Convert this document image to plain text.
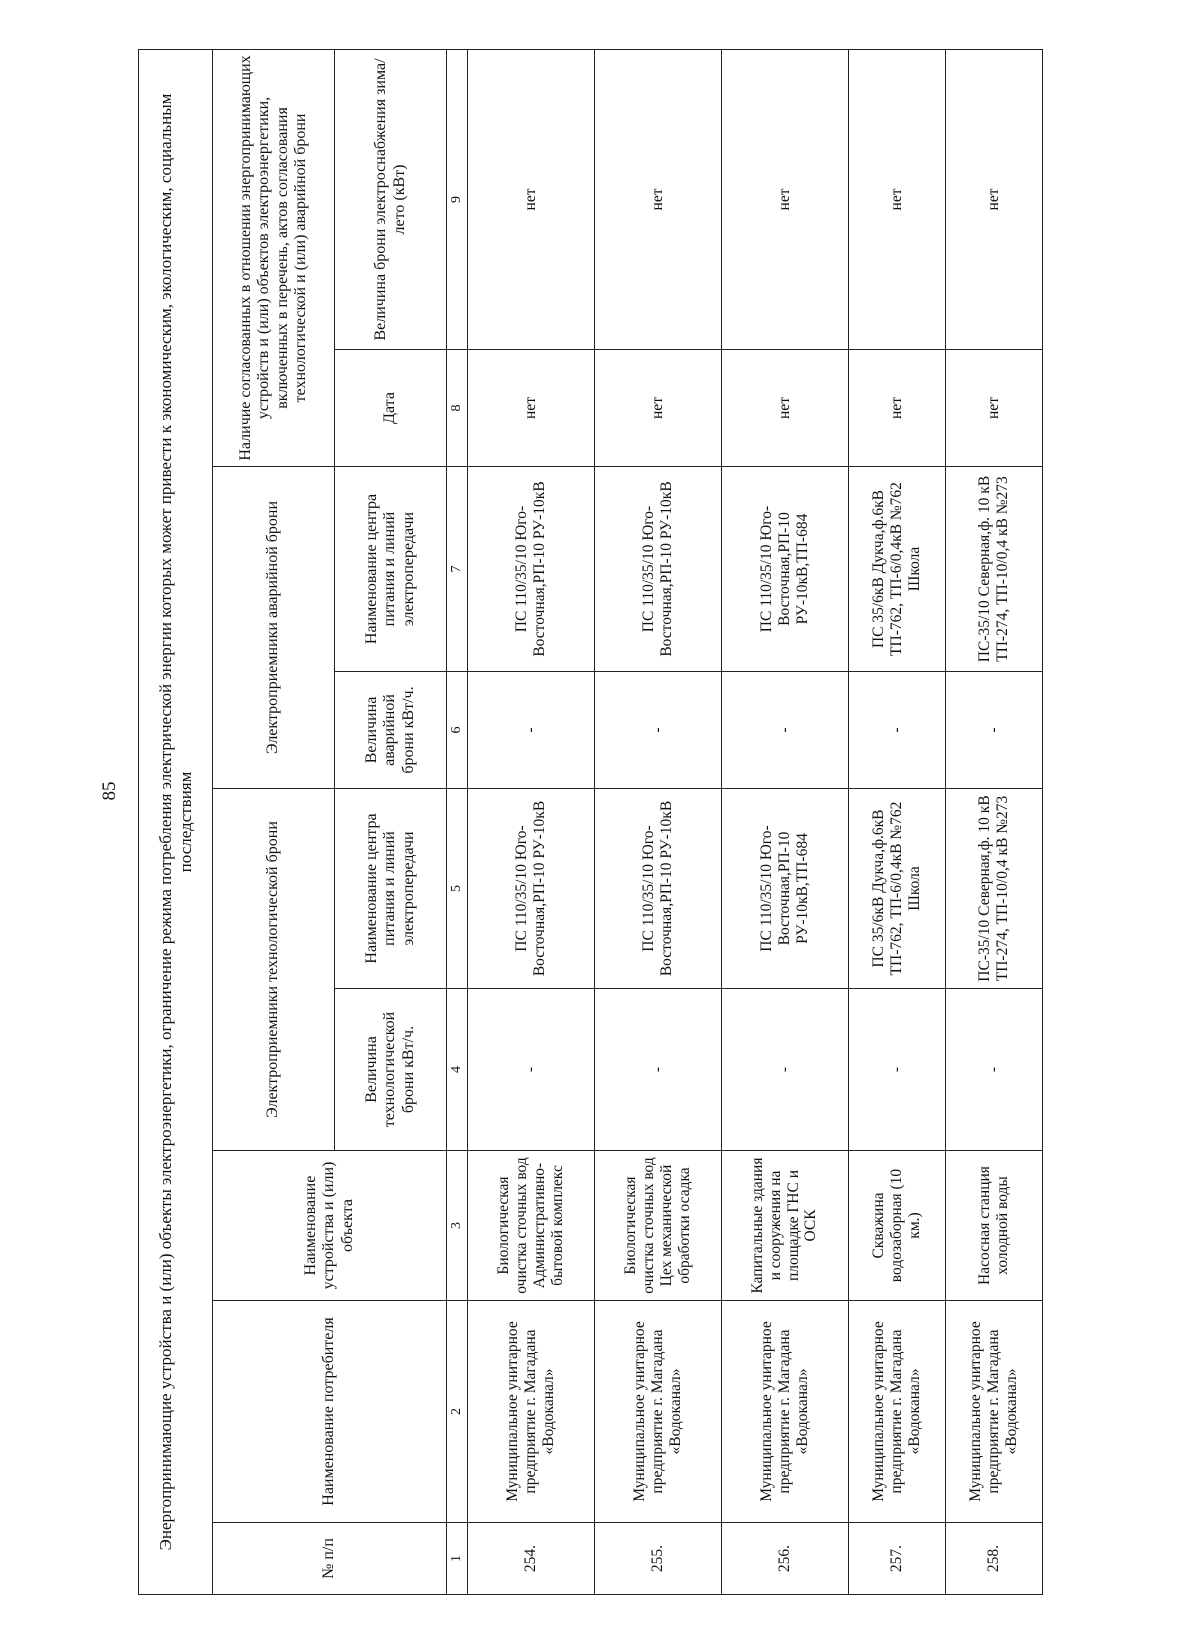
85 Энергопринимающие устройства и (или) объекты электроэнергетики, ограничение режима потребления электрической энергии которых может привести к экономическим, экологическим, социальным последствиям								
№ п/п	Наименование потребителя	Наименование устройства и (или) объекта	Электроприемники технологической брони		Электроприемники аварийной брони		Наличие согласованных в отношении энергопринимающих устройств и (или) объектов электроэнергетики, включенных в перечень, актов согласования технологической и (или) аварийной брони	
			Величина технологической брони кВт/ч.	Наименование центра питания и линий электропередачи	Величина аварийной брони кВт/ч.	Наименование центра питания и линий электропередачи	Дата	Величина брони электроснабжения зима/лето (кВт)
1	2	3	4	5	6	7	8	9
254.	Муниципальное унитарное предприятие г. Магадана «Водоканал»	Биологическая очистка сточных вод Административно-бытовой комплекс	-	ПС 110/35/10 Юго-Восточная,РП-10 РУ-10кВ	-	ПС 110/35/10 Юго-Восточная,РП-10 РУ-10кВ	нет	нет
255.	Муниципальное унитарное предприятие г. Магадана «Водоканал»	Биологическая очистка сточных вод Цех механической обработки осадка	-	ПС 110/35/10 Юго-Восточная,РП-10 РУ-10кВ	-	ПС 110/35/10 Юго-Восточная,РП-10 РУ-10кВ	нет	нет
256.	Муниципальное унитарное предприятие г. Магадана «Водоканал»	Капитальные здания и сооружения на площадке ГНС и ОСК	-	ПС 110/35/10 Юго-Восточная,РП-10 РУ-10кВ,ТП-684	-	ПС 110/35/10 Юго-Восточная,РП-10 РУ-10кВ,ТП-684	нет	нет
257.	Муниципальное унитарное предприятие г. Магадана «Водоканал»	Скважина водозаборная (10 км.)	-	ПС 35/6кВ Дукча,ф.6кВ ТП-762, ТП-6/0,4кВ №762 Школа	-	ПС 35/6кВ Дукча,ф.6кВ ТП-762, ТП-6/0,4кВ №762 Школа	нет	нет
258.	Муниципальное унитарное предприятие г. Магадана «Водоканал»	Насосная станция холодной воды	-	ПС-35/10 Северная,ф. 10 кВ ТП-274, ТП-10/0,4 кВ №273	-	ПС-35/10 Северная,ф. 10 кВ ТП-274, ТП-10/0,4 кВ №273	нет	нет
